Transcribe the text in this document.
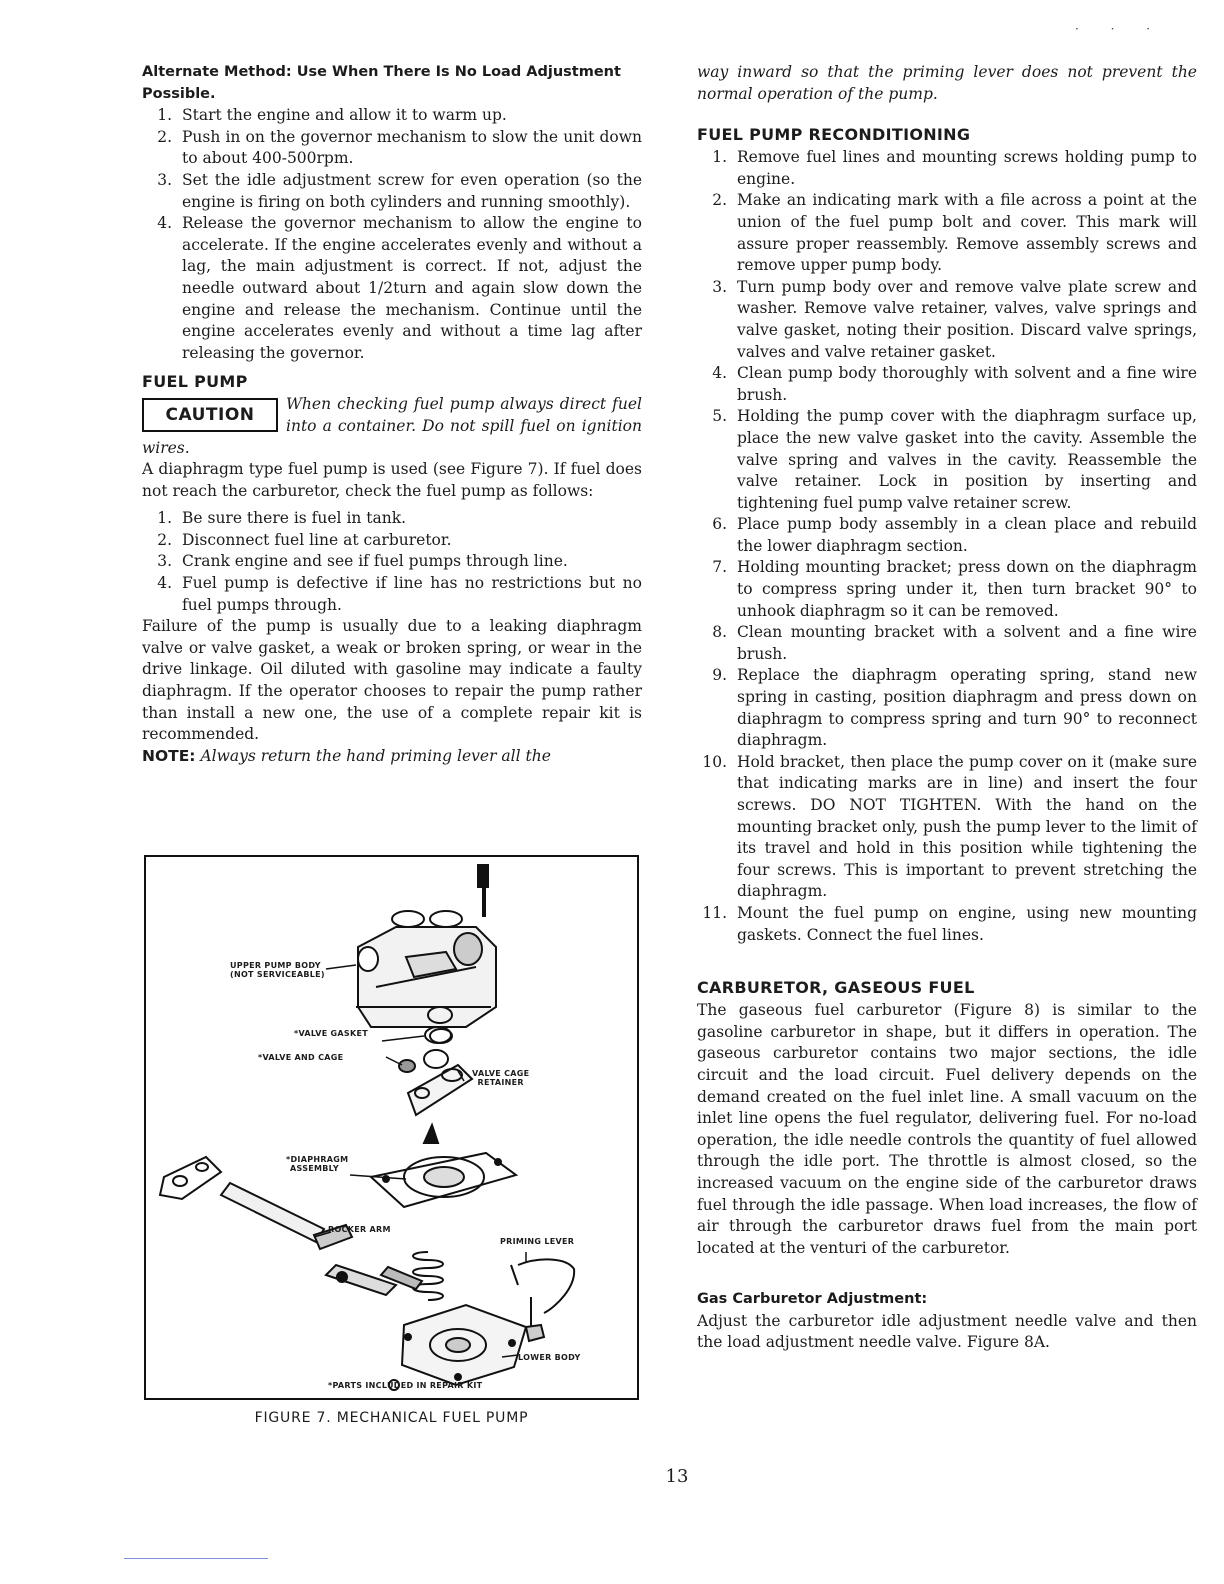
· · ·

Alternate Method: Use When There Is No Load Adjustment Possible.

1. Start the engine and allow it to warm up.
2. Push in on the governor mechanism to slow the unit down to about 400-500rpm.
3. Set the idle adjustment screw for even operation (so the engine is firing on both cylinders and running smoothly).
4. Release the governor mechanism to allow the engine to accelerate. If the engine accelerates evenly and without a lag, the main adjustment is correct. If not, adjust the needle outward about 1/2turn and again slow down the engine and release the mechanism. Continue until the engine accelerates evenly and without a time lag after releasing the governor.

FUEL PUMP

CAUTION

When checking fuel pump always direct fuel into a container. Do not spill fuel on ignition wires.

A diaphragm type fuel pump is used (see Figure 7). If fuel does not reach the carburetor, check the fuel pump as follows:

1. Be sure there is fuel in tank.
2. Disconnect fuel line at carburetor.
3. Crank engine and see if fuel pumps through line.
4. Fuel pump is defective if line has no restrictions but no fuel pumps through.

Failure of the pump is usually due to a leaking diaphragm valve or valve gasket, a weak or broken spring, or wear in the drive linkage. Oil diluted with gasoline may indicate a faulty diaphragm. If the operator chooses to repair the pump rather than install a new one, the use of a complete repair kit is recommended.

NOTE: Always return the hand priming lever all the

UPPER PUMP BODY
(NOT SERVICEABLE)
*VALVE GASKET
*VALVE AND CAGE
VALVE CAGE
RETAINER
*DIAPHRAGM
ASSEMBLY
ROCKER ARM
PRIMING LEVER
LOWER BODY
*PARTS INCLUDED IN REPAIR KIT
FIGURE 7. MECHANICAL FUEL PUMP

way inward so that the priming lever does not prevent the normal operation of the pump.

FUEL PUMP RECONDITIONING

1. Remove fuel lines and mounting screws holding pump to engine.
2. Make an indicating mark with a file across a point at the union of the fuel pump bolt and cover. This mark will assure proper reassembly. Remove assembly screws and remove upper pump body.
3. Turn pump body over and remove valve plate screw and washer. Remove valve retainer, valves, valve springs and valve gasket, noting their position. Discard valve springs, valves and valve retainer gasket.
4. Clean pump body thoroughly with solvent and a fine wire brush.
5. Holding the pump cover with the diaphragm surface up, place the new valve gasket into the cavity. Assemble the valve spring and valves in the cavity. Reassemble the valve retainer. Lock in position by inserting and tightening fuel pump valve retainer screw.
6. Place pump body assembly in a clean place and rebuild the lower diaphragm section.
7. Holding mounting bracket; press down on the diaphragm to compress spring under it, then turn bracket 90° to unhook diaphragm so it can be removed.
8. Clean mounting bracket with a solvent and a fine wire brush.
9. Replace the diaphragm operating spring, stand new spring in casting, position diaphragm and press down on diaphragm to compress spring and turn 90° to reconnect diaphragm.
10. Hold bracket, then place the pump cover on it (make sure that indicating marks are in line) and insert the four screws. DO NOT TIGHTEN. With the hand on the mounting bracket only, push the pump lever to the limit of its travel and hold in this position while tightening the four screws. This is important to prevent stretching the diaphragm.
11. Mount the fuel pump on engine, using new mounting gaskets. Connect the fuel lines.

CARBURETOR, GASEOUS FUEL

The gaseous fuel carburetor (Figure 8) is similar to the gasoline carburetor in shape, but it differs in operation. The gaseous carburetor contains two major sections, the idle circuit and the load circuit. Fuel delivery depends on the demand created on the fuel inlet line. A small vacuum on the inlet line opens the fuel regulator, delivering fuel. For no-load operation, the idle needle controls the quantity of fuel allowed through the idle port. The throttle is almost closed, so the increased vacuum on the engine side of the carburetor draws fuel through the idle passage. When load increases, the flow of air through the carburetor draws fuel from the main port located at the venturi of the carburetor.

Gas Carburetor Adjustment:

Adjust the carburetor idle adjustment needle valve and then the load adjustment needle valve. Figure 8A.

13
